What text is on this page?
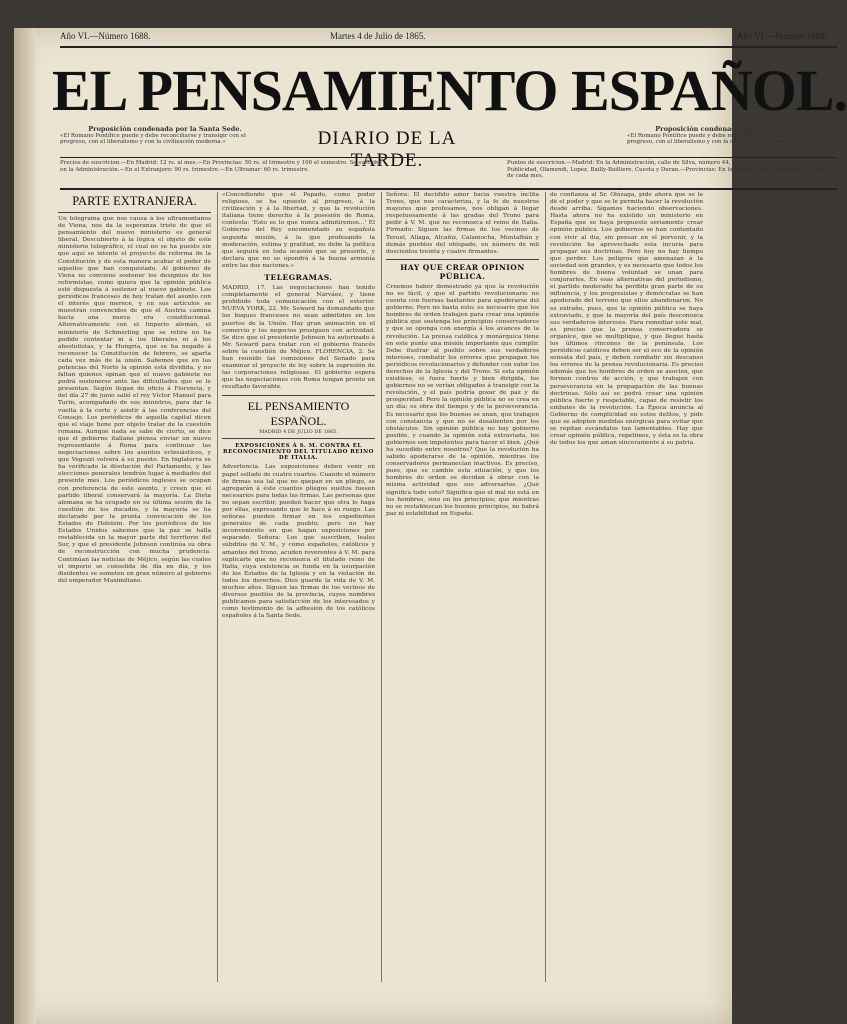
Año VI.—Número 1688.	Martes 4 de Julio de 1865.	Año VI.—Número 1688.
EL PENSAMIENTO ESPAÑOL.
Proposición condenada por la Santa Sede.
«El Romano Pontífice puede y debe reconciliarse y transigir con el progreso, con el liberalismo y con la civilización moderna.»	DIARIO DE LA TARDE.
Proposición condenada por la Santa Sede.
«El Romano Pontífice puede y debe reconciliarse y transigir con el progreso, con el liberalismo y con la civilización moderna.»
Precios de suscricion.—En Madrid: 12 rs. al mes.—En Provincias: 50 rs. el trimestre y 100 el semestre. Se suscribe en la Administración.—En el Extranjero: 90 rs. trimestre.—En Ultramar: 60 rs. trimestre.
Puntos de suscricion.—Madrid: En la Administración, calle de Silva, número 44, entresuelo, y en las librerías de la Publicidad, Olamendi, Lopez, Bailly-Bailliere, Cuesta y Duran.—Provincias: En los puntos que se anuncian al último de cada mes.
PARTE EXTRANJERA.
Un telegrama que nos causa á los ultramontanos de Viena, nos da la esperanza triste de que el pensamiento del nuevo ministerio es general liberal. Descubierto á la lógica el objeto de este ministerio telegráfico, el cual no se ha puesto sin que aquí se intente el proyecto de reforma de la Constitución y de esta manera acabar el poder de aquellos que han conquistado. Al gobierno de Viena no conviene sostener los designios de los reformistas, como quiera que la opinión pública esté dispuesta á sostener al nuevo gabinete. Los periódicos franceses de hoy tratan del asunto con el interés que merece, y en sus artículos se muestran convencidos de que el Austria camina hacia una nueva era constitucional. Alternativamente con el Imperio alemán, el ministerio de Schmerling que se retira no ha podido contentar ni á los liberales ni á los absolutistas, y la Hungría, que se ha negado á reconocer la Constitución de febrero, se aparta cada vez más de la unión. Sabemos que en las potencias del Norte la opinión está dividida, y no faltan quienes opinan que el nuevo gabinete no podrá sostenerse ante las dificultades que se le presentan. Según llegan de oficio á Florencia, y del día 27 de junio salió el rey Víctor Manuel para Turin, acompañado de sus ministros, para dar la vuelta á la corte y asistir á las conferencias del Consejo. Los periódicos de aquella capital dicen que el viaje tiene por objeto tratar de la cuestión romana. Aunque nada se sabe de cierto, se dice que el gobierno italiano piensa enviar un nuevo representante á Roma para continuar las negociaciones sobre los asuntos eclesiásticos, y que Vegezzi volverá á su puesto. En Inglaterra se ha verificado la disolución del Parlamento, y las elecciones generales tendrán lugar á mediados del presente mes. Los periódicos ingleses se ocupan con preferencia de este asunto, y creen que el partido liberal conservará la mayoría. La Dieta alemana se ha ocupado en su última sesión de la cuestión de los ducados, y la mayoría se ha declarado por la pronta convocación de los Estados de Holstein. Por los periódicos de los Estados Unidos sabemos que la paz se halla restablecida en la mayor parte del territorio del Sur, y que el presidente Johnson continúa su obra de reconstrucción con mucha prudencia. Continúan las noticias de Méjico, según las cuales el imperio se consolida de día en día, y los disidentes se someten en gran número al gobierno del emperador Maximiliano.
«Concediendo que el Papado, como poder religioso, se ha opuesto al progreso, á la civilización y á la libertad, y que la revolución italiana tiene derecho á la posesión de Roma, contesta: 'Esto es lo que nunca admitiremos...' El Gobierno del Rey encomendado su española segunda misión, á la que profesando la moderación, estima y gratitud, no debe la política que seguirá en toda ocasión que se presente, y declara que no se opondrá á la buena armonía entre las dos naciones.»
TELEGRAMAS.
MADRID, 17. Las negociaciones han tenido completamente el general Narváez, y tiene prohibido toda comunicación con el exterior. NUEVA YORK, 22. Mr. Seward ha demandado que los buques franceses no sean admitidos en los puertos de la Unión. Hay gran animación en el comercio y los negocios prosiguen con actividad. Se dice que el presidente Johnson ha autorizado á Mr. Seward para tratar con el gobierno francés sobre la cuestión de Méjico. FLORENCIA, 2. Se han reunido las comisiones del Senado para examinar el proyecto de ley sobre la supresión de las corporaciones religiosas. El gobierno espera que las negociaciones con Roma tengan pronto un resultado favorable.
EL PENSAMIENTO ESPAÑOL.
MADRID 4 DE JULIO DE 1865.
EXPOSICIONES Á S. M. CONTRA EL RECONOCIMIENTO DEL TITULADO REINO DE ITALIA.
Advertencia. Las exposiciones deben venir en papel sellado de cuatro cuartos. Cuando el número de firmas sea tal que no quepan en un pliego, se agregarán á éste cuantos pliegos sueltos fuesen necesarios para todas las firmas. Las personas que no sepan escribir, pueden hacer que otra lo haga por ellas, expresando que lo hace á su ruego. Las señoras pueden firmar en los expedientes generales de cada pueblo; pero no hay inconveniente en que hagan exposiciones por separado. Señora: Los que suscriben, leales súbditos de V. M., y como españoles, católicos y amantes del trono, acuden reverentes á V. M. para suplicarle que no reconozca el titulado reino de Italia, cuya existencia se funda en la usurpación de los Estados de la Iglesia y en la violación de todos los derechos. Dios guarde la vida de V. M. muchos años. Siguen las firmas de los vecinos de diversos pueblos de la provincia, cuyos nombres publicamos para satisfacción de los interesados y como testimonio de la adhesión de los católicos españoles á la Santa Sede.
Señora: El decidido amor hacia vuestra ínclita Trono, que nos caracteriza, y la fe de nuestros mayores que profesamos, nos obligan á llegar respetuosamente á las gradas del Trono para pedir á V. M. que no reconozca el reino de Italia. Firmado: Siguen las firmas de los vecinos de Teruel, Aliaga, Alcañiz, Calamocha, Montalbán y demás pueblos del obispado, en número de mil doscientos treinta y cuatro firmantes.
HAY QUE CREAR OPINION PÚBLICA.
Creemos haber demostrado ya que la revolución no es fácil, y que el partido revolucionario no cuenta con fuerzas bastantes para apoderarse del gobierno. Pero no basta esto; es necesario que los hombres de orden trabajen para crear una opinión pública que sostenga los principios conservadores y que se oponga con energía á los avances de la revolución. La prensa católica y monárquica tiene en este punto una misión importante que cumplir. Debe ilustrar al pueblo sobre sus verdaderos intereses, combatir los errores que propagan los periódicos revolucionarios y defender con valor los derechos de la Iglesia y del Trono. Si esta opinión existiese, si fuera fuerte y bien dirigida, los gobiernos no se verían obligados á transigir con la revolución, y el país podría gozar de paz y de prosperidad. Pero la opinión pública no se crea en un día; es obra del tiempo y de la perseverancia. Es necesario que los buenos se unan, que trabajen con constancia y que no se desalienten por los obstáculos. Sin opinión pública no hay gobierno posible, y cuando la opinión está extraviada, los gobiernos son impotentes para hacer el bien. ¿Qué ha sucedido entre nosotros? Que la revolución ha sabido apoderarse de la opinión, mientras los conservadores permanecían inactivos. Es preciso, pues, que se cambie esta situación, y que los hombres de orden se decidan á obrar con la misma actividad que sus adversarios. ¿Qué significa todo esto? Significa que el mal no está en los hombres, sino en los principios; que mientras no se restablezcan los buenos principios, no habrá paz ni estabilidad en España.
de confianza al Sr. Olózaga, pide ahora que se le dé el poder y que se le permita hacer la revolución desde arriba. Sigamos haciendo observaciones. Hasta ahora no ha existido un ministerio en España que se haya propuesto seriamente crear opinión pública. Los gobiernos se han contentado con vivir al día, sin pensar en el porvenir, y la revolución ha aprovechado esta incuria para propagar sus doctrinas. Pero hoy no hay tiempo que perder. Los peligros que amenazan á la sociedad son grandes, y es necesario que todos los hombres de buena voluntad se unan para conjurarlos. En esas alternativas del periodismo, el partido moderado ha perdido gran parte de su influencia, y los progresistas y demócratas se han apoderado del terreno que ellos abandonaron. No es extraño, pues, que la opinión pública se haya extraviado, y que la mayoría del país desconozca sus verdaderos intereses. Para remediar este mal, es preciso que la prensa conservadora se organice, que se multiplique, y que llegue hasta los últimos rincones de la península. Los periódicos católicos deben ser el eco de la opinión sensata del país, y deben combatir sin descanso los errores de la prensa revolucionaria. Es preciso además que los hombres de orden se asocien, que formen centros de acción, y que trabajen con perseverancia en la propagación de las buenas doctrinas. Sólo así se podrá crear una opinión pública fuerte y respetable, capaz de resistir los embates de la revolución. La Época anuncia al Gobierno de complicidad en estos delitos, y pide que se adopten medidas enérgicas para evitar que se repitan escándalos tan lamentables. Hay que crear opinión pública, repetimos, y ésta es la obra de todos los que aman sinceramente á su patria.
